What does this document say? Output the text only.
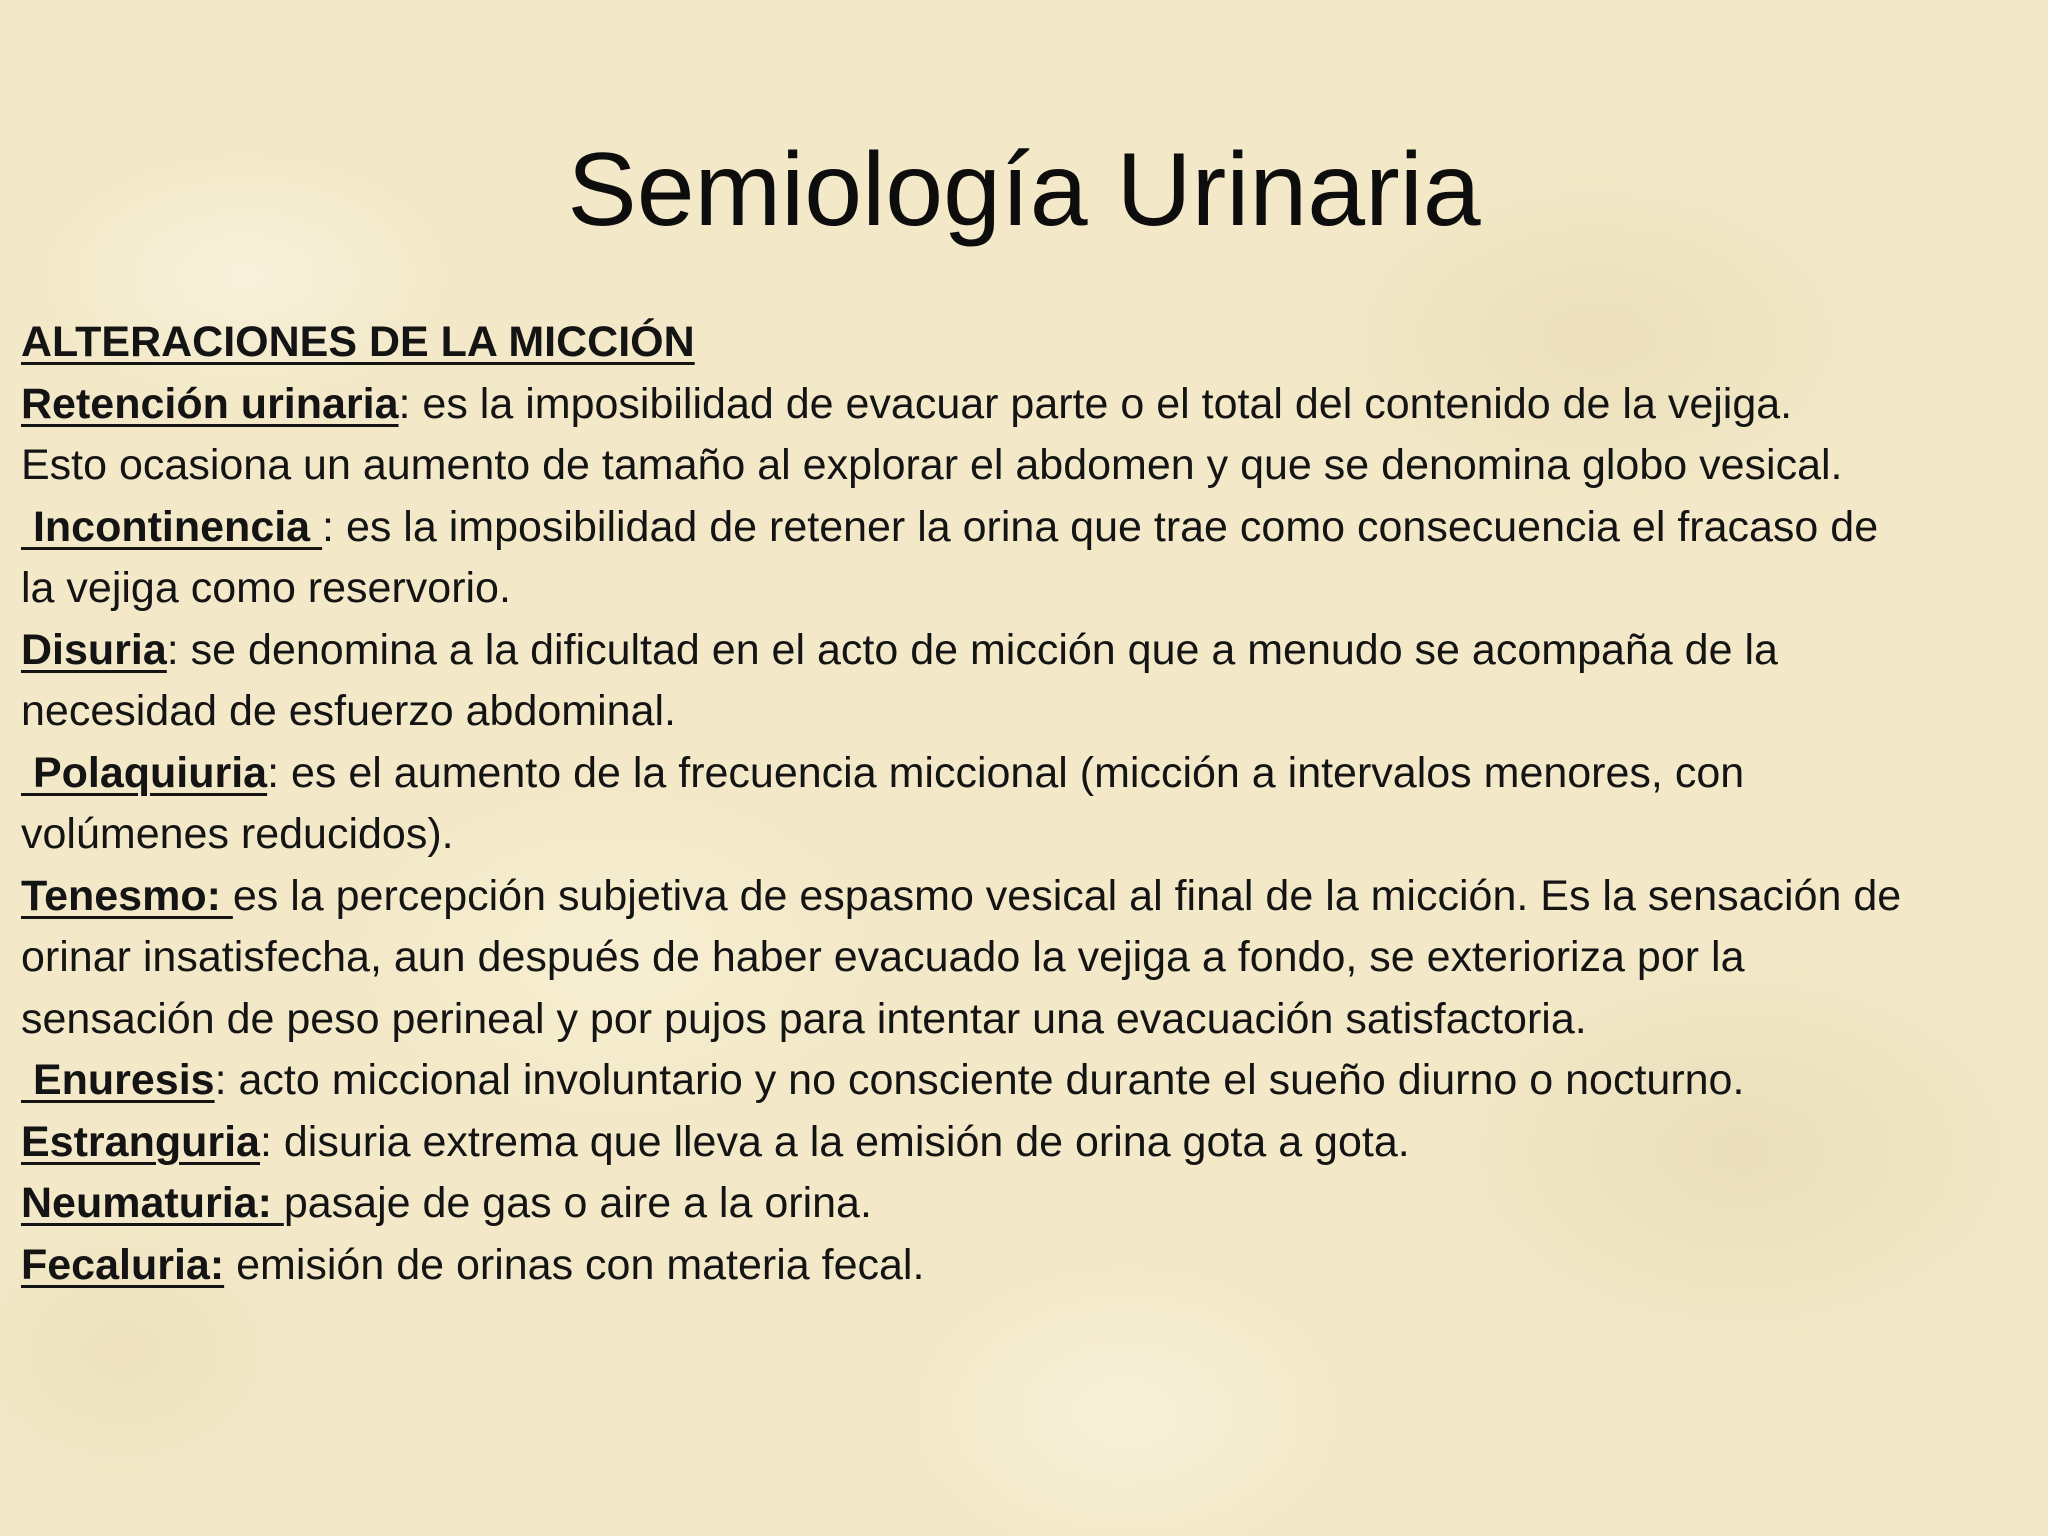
Semiología Urinaria
ALTERACIONES DE LA MICCIÓN
Retención urinaria: es la imposibilidad de evacuar parte o el total del contenido de la vejiga.
Esto ocasiona un aumento de tamaño al explorar el abdomen y que se denomina globo vesical.
Incontinencia : es la imposibilidad de retener la orina que trae como consecuencia el fracaso de
la vejiga como reservorio.
Disuria: se denomina a la dificultad en el acto de micción que a menudo se acompaña de la
necesidad de esfuerzo abdominal.
Polaquiuria: es el aumento de la frecuencia miccional (micción a intervalos menores, con
volúmenes reducidos).
Tenesmo: es la percepción subjetiva de espasmo vesical al final de la micción. Es la sensación de
orinar insatisfecha, aun después de haber evacuado la vejiga a fondo, se exterioriza por la
sensación de peso perineal y por pujos para intentar una evacuación satisfactoria.
Enuresis: acto miccional involuntario y no consciente durante el sueño diurno o nocturno.
Estranguria: disuria extrema que lleva a la emisión de orina gota a gota.
Neumaturia: pasaje de gas o aire a la orina.
Fecaluria: emisión de orinas con materia fecal.
